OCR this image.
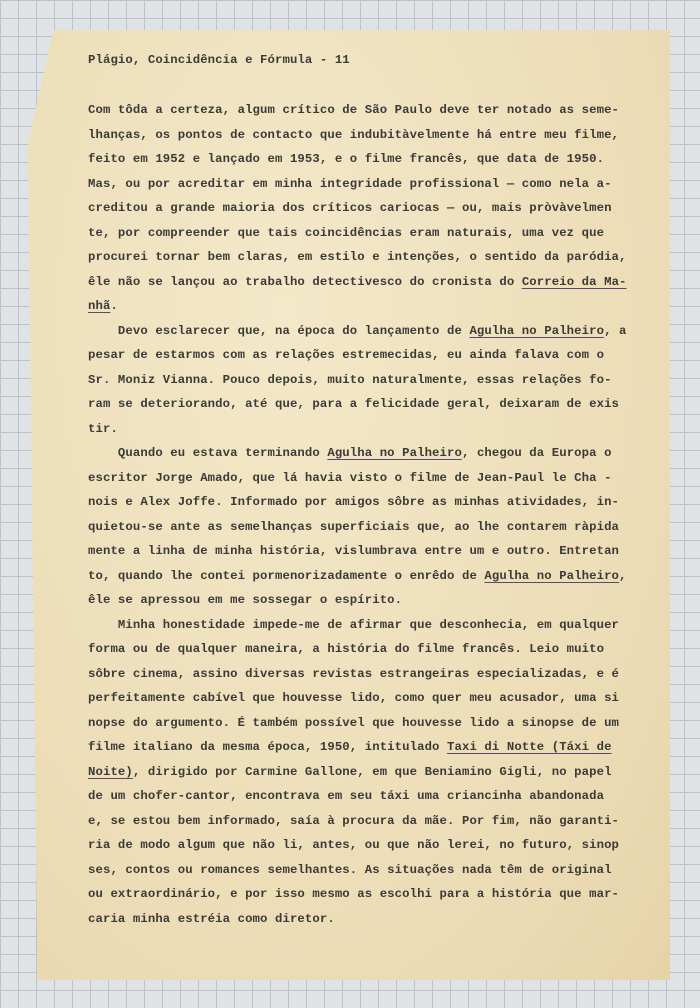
Plágio, Coincidência e Fórmula - 11
Com tôda a certeza, algum crítico de São Paulo deve ter notado as seme-
lhanças, os pontos de contacto que indubitàvelmente há entre meu filme,
feito em 1952 e lançado em 1953, e o filme francês, que data de 1950.
Mas, ou por acreditar em minha integridade profissional — como nela a-
creditou a grande maioria dos críticos cariocas — ou, mais pròvàvelmen
te, por compreender que tais coincidências eram naturais, uma vez que
procurei tornar bem claras, em estilo e intenções, o sentido da paródia,
êle não se lançou ao trabalho detectivesco do cronista do Correio da Ma-
nhã.
Devo esclarecer que, na época do lançamento de Agulha no Palheiro, a
pesar de estarmos com as relações estremecidas, eu ainda falava com o
Sr. Moniz Vianna. Pouco depois, muito naturalmente, essas relações fo-
ram se deteriorando, até que, para a felicidade geral, deixaram de exis
tir.
Quando eu estava terminando Agulha no Palheiro, chegou da Europa o
escritor Jorge Amado, que lá havia visto o filme de Jean-Paul le Cha -
nois e Alex Joffe. Informado por amigos sôbre as minhas atividades, in-
quietou-se ante as semelhanças superficiais que, ao lhe contarem ràpida
mente a linha de minha história, vislumbrava entre um e outro. Entretan
to, quando lhe contei pormenorizadamente o enrêdo de Agulha no Palheiro,
êle se apressou em me sossegar o espírito.
Minha honestidade impede-me de afirmar que desconhecia, em qualquer
forma ou de qualquer maneira, a história do filme francês. Leio muito
sôbre cinema, assino diversas revistas estrangeiras especializadas, e é
perfeitamente cabível que houvesse lido, como quer meu acusador, uma si
nopse do argumento. É também possível que houvesse lido a sinopse de um
filme italiano da mesma época, 1950, intitulado Taxi di Notte (Táxi de
Noite), dirigido por Carmine Gallone, em que Beniamino Gigli, no papel
de um chofer-cantor, encontrava em seu táxi uma criancinha abandonada
e, se estou bem informado, saía à procura da mãe. Por fim, não garanti-
ria de modo algum que não li, antes, ou que não lerei, no futuro, sinop
ses, contos ou romances semelhantes. As situações nada têm de original
ou extraordinário, e por isso mesmo as escolhi para a história que mar-
caria minha estréia como diretor.
